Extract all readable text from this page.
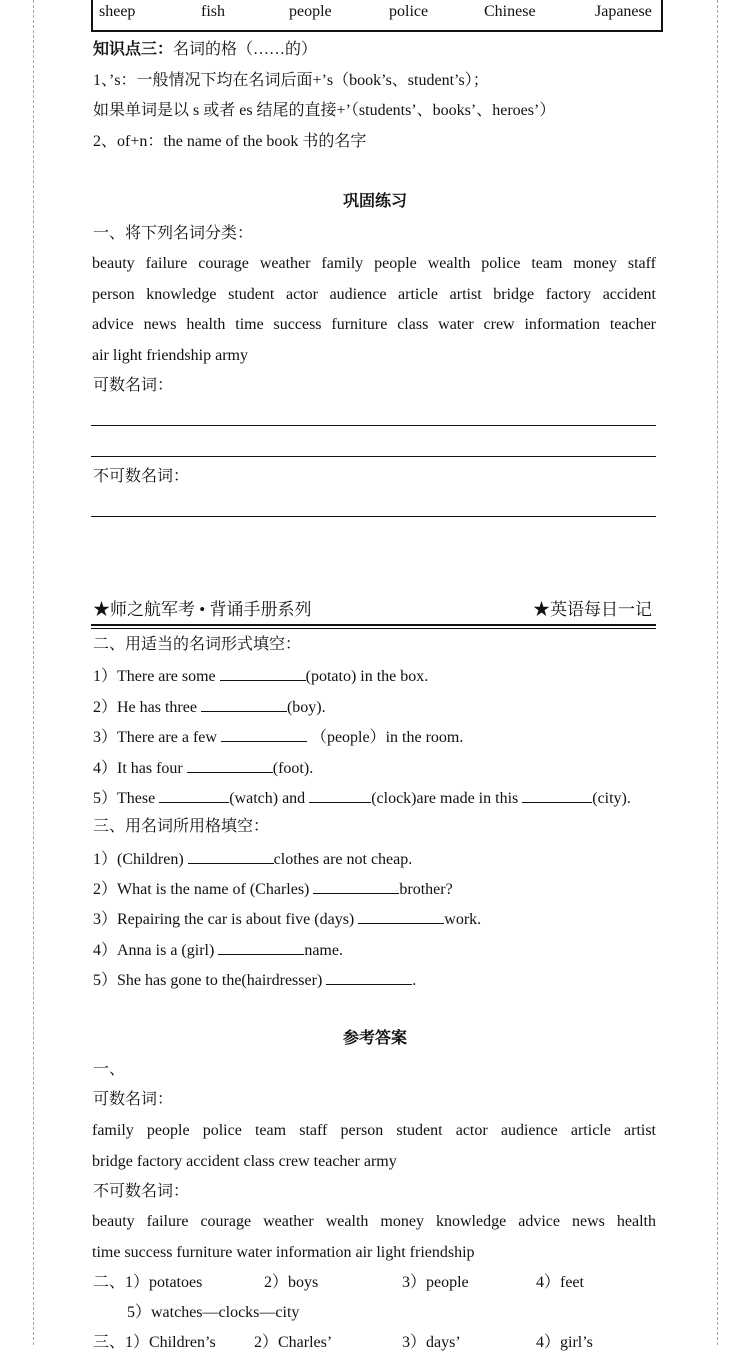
sheep	fish	people	police	Chinese	Japanese
知识点三：名词的格（……的）
1、’s：一般情况下均在名词后面+’s（book’s、student’s）；
如果单词是以 s 或者 es 结尾的直接+’（students’、books’、heroes’）
2、of+n：the name of the book 书的名字
巩固练习
一、将下列名词分类：
beauty failure courage weather family people wealth police team money staff
person knowledge student actor audience article artist bridge factory accident
advice news health time success furniture class water crew information teacher
air light friendship army
可数名词：
不可数名词：
★师之航军考 • 背诵手册系列	★英语每日一记
二、用适当的名词形式填空：
1）There are some	(potato) in the box.
2）He has three	(boy).
3）There are a few	（people）in the room.
4）It has four	(foot).
5）These	(watch) and	(clock)are made in this	(city).
三、用名词所用格填空：
1）(Children)	clothes are not cheap.
2）What is the name of (Charles)	brother?
3）Repairing the car is about five (days)	work.
4）Anna is a (girl)	name.
5）She has gone to the(hairdresser)	.
参考答案
一、
可数名词：
family people police team staff person student actor audience article artist
bridge factory accident class crew teacher army
不可数名词：
beauty failure courage weather wealth money knowledge advice news health
time success furniture water information air light friendship
二、1）potatoes	2）boys	3）people	4）feet
5）watches—clocks—city
三、1）Children’s 2）Charles’	3）days’	4）girl’s
